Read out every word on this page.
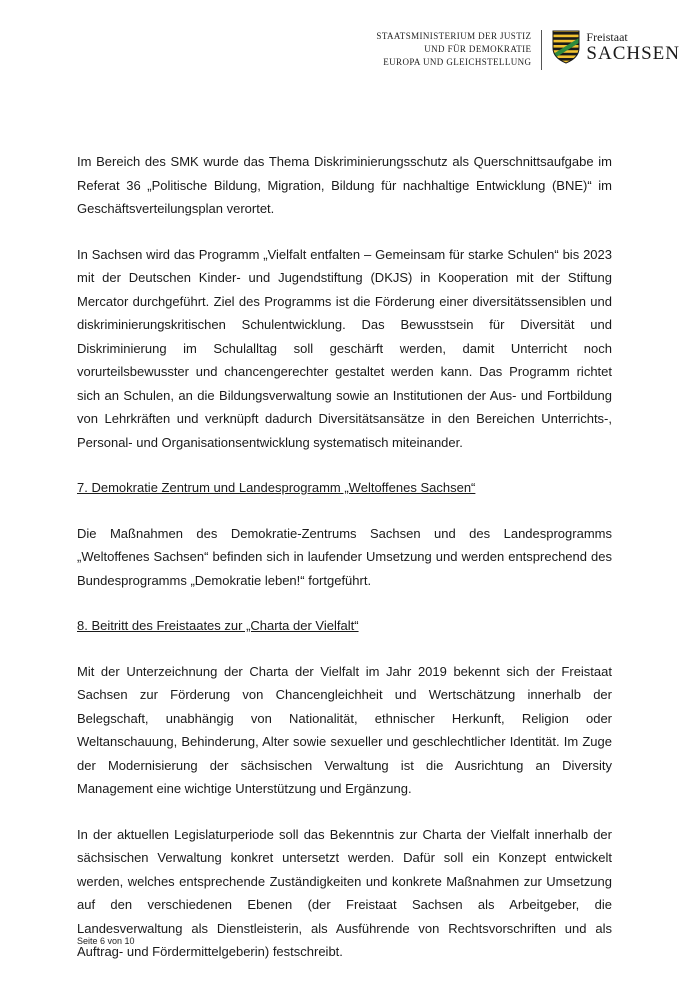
STAATSMINISTERIUM DER JUSTIZ
UND FÜR DEMOKRATIE
EUROPA UND GLEICHSTELLUNG
Freistaat
SACHSEN

Im Bereich des SMK wurde das Thema Diskriminierungsschutz als Querschnittsaufgabe im Referat 36 „Politische Bildung, Migration, Bildung für nachhaltige Entwicklung (BNE)“ im Geschäftsverteilungsplan verortet.

In Sachsen wird das Programm „Vielfalt entfalten – Gemeinsam für starke Schulen“ bis 2023 mit der Deutschen Kinder- und Jugendstiftung (DKJS) in Kooperation mit der Stiftung Mercator durchgeführt. Ziel des Programms ist die Förderung einer diversitätssensiblen und diskriminierungskritischen Schulentwicklung. Das Bewusstsein für Diversität und Diskriminierung im Schulalltag soll geschärft werden, damit Unterricht noch vorurteilsbewusster und chancengerechter gestaltet werden kann. Das Programm richtet sich an Schulen, an die Bildungsverwaltung sowie an Institutionen der Aus- und Fortbildung von Lehrkräften und verknüpft dadurch Diversitätsansätze in den Bereichen Unterrichts-, Personal- und Organisationsentwicklung systematisch miteinander.

7. Demokratie Zentrum und Landesprogramm „Weltoffenes Sachsen“

Die Maßnahmen des Demokratie-Zentrums Sachsen und des Landesprogramms „Weltoffenes Sachsen“ befinden sich in laufender Umsetzung und werden entsprechend des Bundesprogramms „Demokratie leben!“ fortgeführt.

8. Beitritt des Freistaates zur „Charta der Vielfalt“

Mit der Unterzeichnung der Charta der Vielfalt im Jahr 2019 bekennt sich der Freistaat Sachsen zur Förderung von Chancengleichheit und Wertschätzung innerhalb der Belegschaft, unabhängig von Nationalität, ethnischer Herkunft, Religion oder Weltanschauung, Behinderung, Alter sowie sexueller und geschlechtlicher Identität. Im Zuge der Modernisierung der sächsischen Verwaltung ist die Ausrichtung an Diversity Management eine wichtige Unterstützung und Ergänzung.

In der aktuellen Legislaturperiode soll das Bekenntnis zur Charta der Vielfalt innerhalb der sächsischen Verwaltung konkret untersetzt werden. Dafür soll ein Konzept entwickelt werden, welches entsprechende Zuständigkeiten und konkrete Maßnahmen zur Umsetzung auf den verschiedenen Ebenen (der Freistaat Sachsen als Arbeitgeber, die Landesverwaltung als Dienstleisterin, als Ausführende von Rechtsvorschriften und als Auftrag- und Fördermittelgeberin) festschreibt.

Seite 6 von 10
